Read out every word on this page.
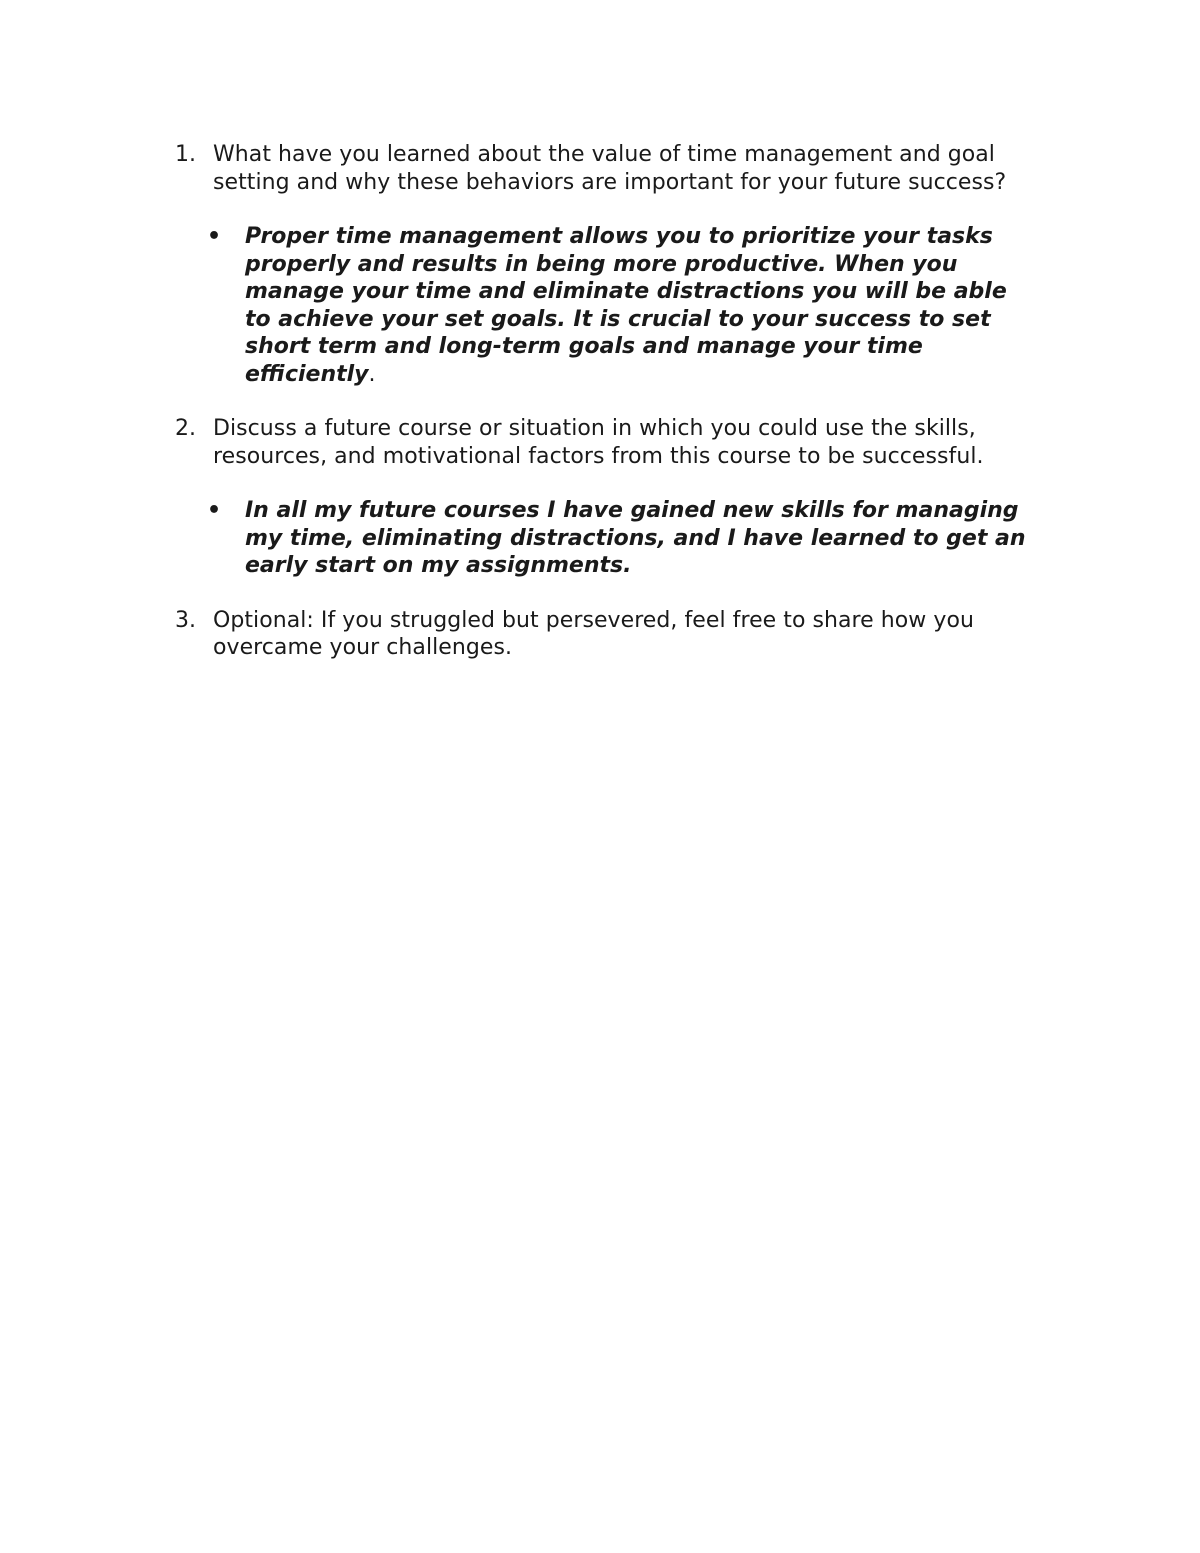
1. What have you learned about the value of time management and goal setting and why these behaviors are important for your future success?
• Proper time management allows you to prioritize your tasks properly and results in being more productive. When you manage your time and eliminate distractions you will be able to achieve your set goals. It is crucial to your success to set short term and long-term goals and manage your time efficiently.
2. Discuss a future course or situation in which you could use the skills, resources, and motivational factors from this course to be successful.
• In all my future courses I have gained new skills for managing my time, eliminating distractions, and I have learned to get an early start on my assignments.
3. Optional: If you struggled but persevered, feel free to share how you overcame your challenges.
